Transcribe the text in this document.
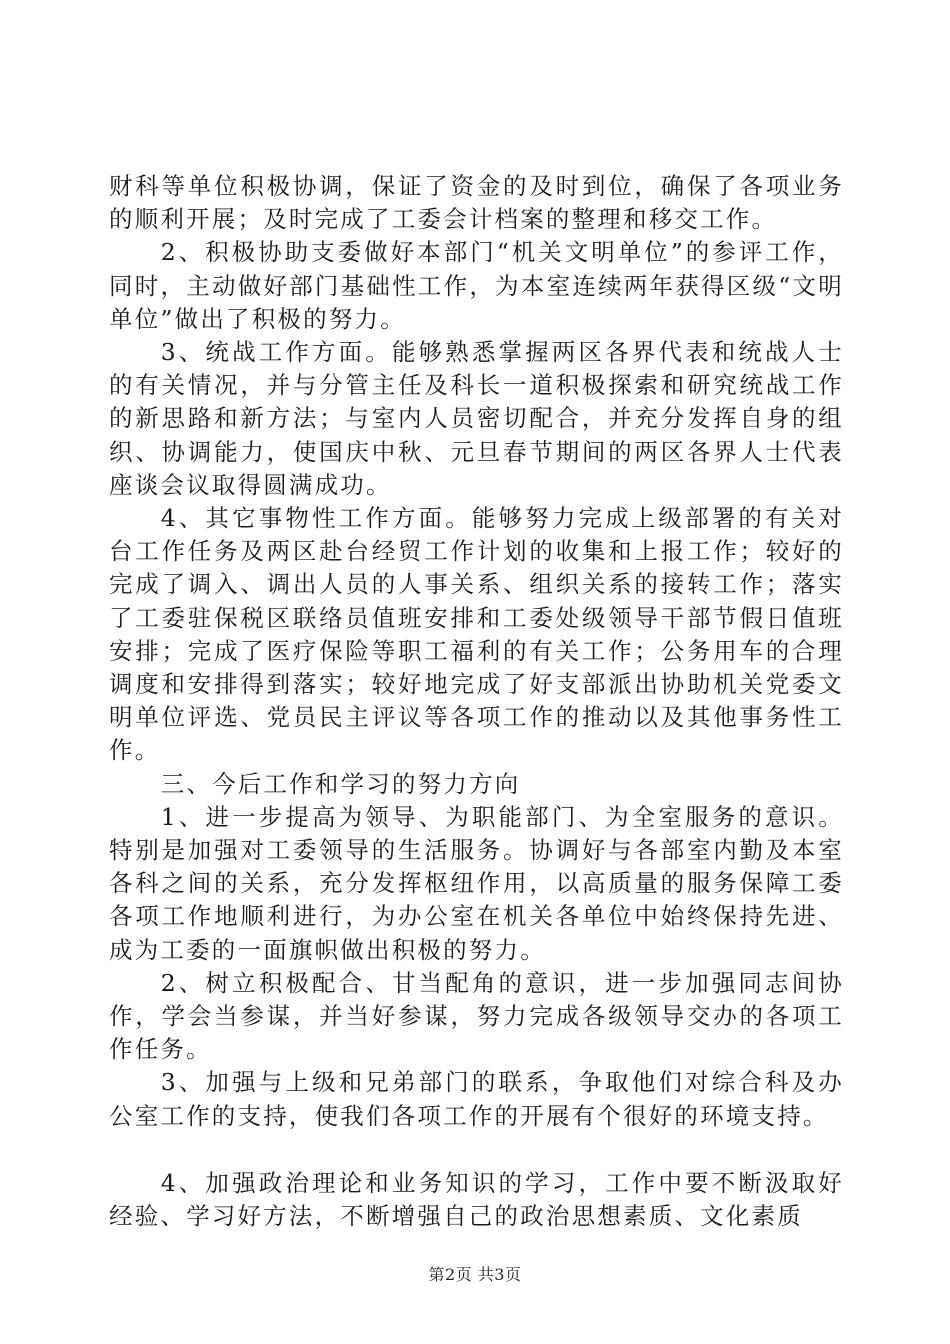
财科等单位积极协调，保证了资金的及时到位，确保了各项业务的顺利开展；及时完成了工委会计档案的整理和移交工作。

2、积极协助支委做好本部门“机关文明单位”的参评工作，同时，主动做好部门基础性工作，为本室连续两年获得区级“文明单位”做出了积极的努力。

3、统战工作方面。能够熟悉掌握两区各界代表和统战人士的有关情况，并与分管主任及科长一道积极探索和研究统战工作的新思路和新方法；与室内人员密切配合，并充分发挥自身的组织、协调能力，使国庆中秋、元旦春节期间的两区各界人士代表座谈会议取得圆满成功。

4、其它事物性工作方面。能够努力完成上级部署的有关对台工作任务及两区赴台经贸工作计划的收集和上报工作；较好的完成了调入、调出人员的人事关系、组织关系的接转工作；落实了工委驻保税区联络员值班安排和工委处级领导干部节假日值班安排；完成了医疗保险等职工福利的有关工作；公务用车的合理调度和安排得到落实；较好地完成了好支部派出协助机关党委文明单位评选、党员民主评议等各项工作的推动以及其他事务性工作。

三、今后工作和学习的努力方向

1、进一步提高为领导、为职能部门、为全室服务的意识。特别是加强对工委领导的生活服务。协调好与各部室内勤及本室各科之间的关系，充分发挥枢纽作用，以高质量的服务保障工委各项工作地顺利进行，为办公室在机关各单位中始终保持先进、成为工委的一面旗帜做出积极的努力。

2、树立积极配合、甘当配角的意识，进一步加强同志间协作，学会当参谋，并当好参谋，努力完成各级领导交办的各项工作任务。

3、加强与上级和兄弟部门的联系，争取他们对综合科及办公室工作的支持，使我们各项工作的开展有个很好的环境支持。

4、加强政治理论和业务知识的学习，工作中要不断汲取好经验、学习好方法，不断增强自己的政治思想素质、文化素质

第2页 共3页
